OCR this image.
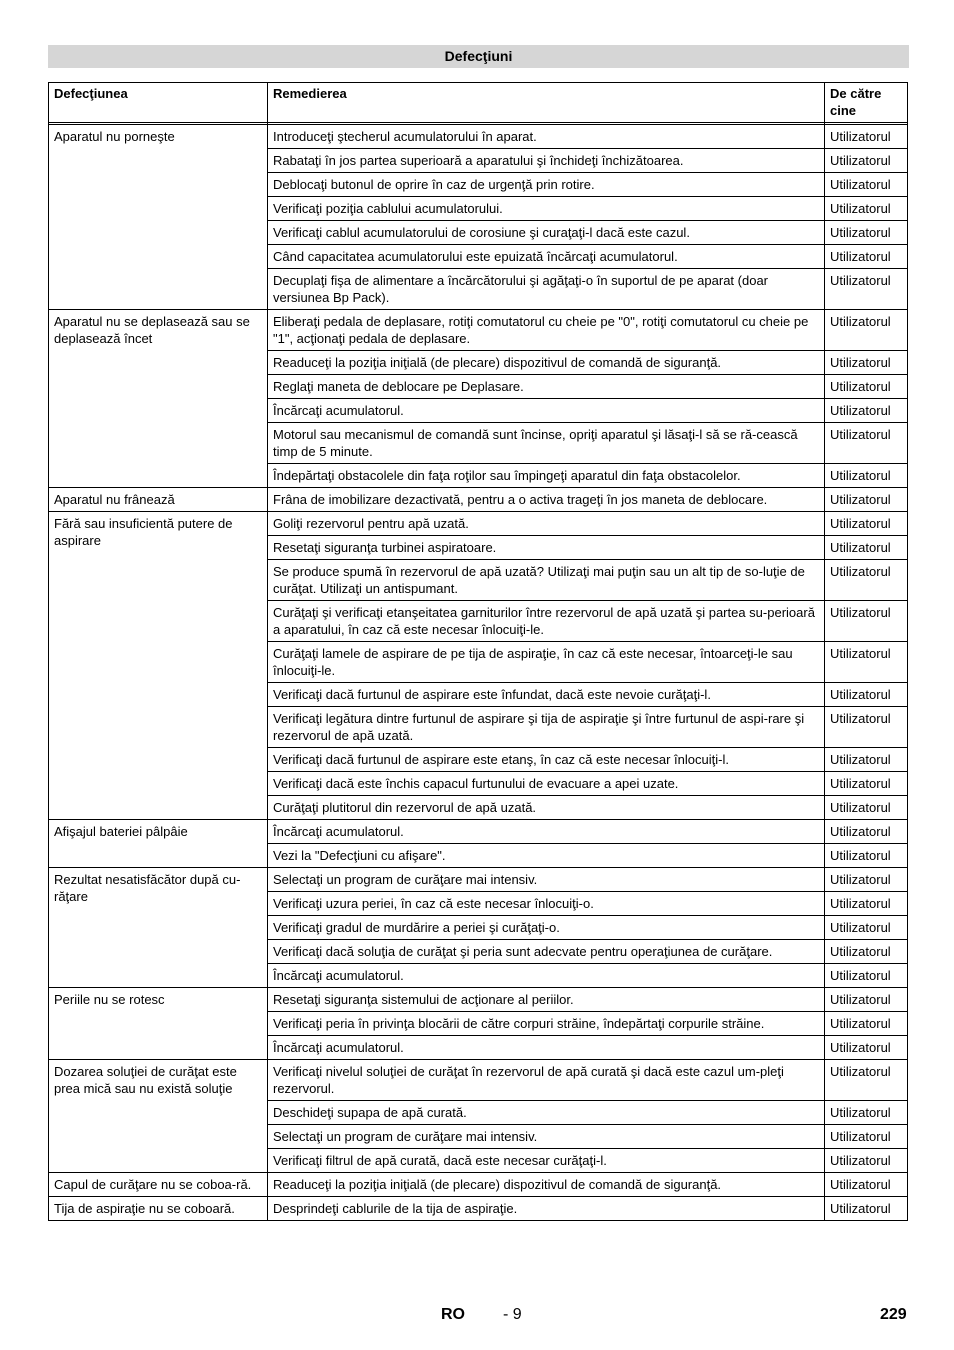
Defecţiuni
Defecţiunea	Remedierea	De către cine

Aparatul nu porneşte	Introduceţi ştecherul acumulatorului în aparat.	Utilizatorul
	Rabataţi în jos partea superioară a aparatului şi închideţi închizătoarea.	Utilizatorul
	Deblocaţi butonul de oprire în caz de urgenţă prin rotire.	Utilizatorul
	Verificaţi poziţia cablului acumulatorului.	Utilizatorul
	Verificaţi cablul acumulatorului de corosiune şi curaţaţi-l dacă este cazul.	Utilizatorul
	Când capacitatea acumulatorului este epuizată încărcaţi acumulatorul.	Utilizatorul
	Decuplaţi fişa de alimentare a încărcătorului şi agăţaţi-o în suportul de pe aparat (doar versiunea Bp Pack).	Utilizatorul
Aparatul nu se deplasează sau se deplasează încet	Eliberaţi pedala de deplasare, rotiţi comutatorul cu cheie pe "0", rotiţi comutatorul cu cheie pe "1", acţionaţi pedala de deplasare.	Utilizatorul
	Readuceţi la poziţia iniţială (de plecare) dispozitivul de comandă de siguranţă.	Utilizatorul
	Reglaţi maneta de deblocare pe Deplasare.	Utilizatorul
	Încărcaţi acumulatorul.	Utilizatorul
	Motorul sau mecanismul de comandă sunt încinse, opriţi aparatul şi lăsaţi-l să se ră-cească timp de 5 minute.	Utilizatorul
	Îndepărtaţi obstacolele din faţa roţilor sau împingeţi aparatul din faţa obstacolelor.	Utilizatorul
Aparatul nu frânează	Frâna de imobilizare dezactivată, pentru a o activa trageţi în jos maneta de deblocare.	Utilizatorul
Fără sau insuficientă putere de aspirare	Goliţi rezervorul pentru apă uzată.	Utilizatorul
	Resetaţi siguranţa turbinei aspiratoare.	Utilizatorul
	Se produce spumă în rezervorul de apă uzată? Utilizaţi mai puţin sau un alt tip de so-luţie de curăţat. Utilizaţi un antispumant.	Utilizatorul
	Curăţaţi şi verificaţi etanşeitatea garniturilor între rezervorul de apă uzată şi partea su-perioară a aparatului, în caz că este necesar înlocuiţi-le.	Utilizatorul
	Curăţaţi lamele de aspirare de pe tija de aspiraţie, în caz că este necesar, întoarceţi-le sau înlocuiţi-le.	Utilizatorul
	Verificaţi dacă furtunul de aspirare este înfundat, dacă este nevoie curăţaţi-l.	Utilizatorul
	Verificaţi legătura dintre furtunul de aspirare şi tija de aspiraţie şi între furtunul de aspi-rare şi rezervorul de apă uzată.	Utilizatorul
	Verificaţi dacă furtunul de aspirare este etanş, în caz că este necesar înlocuiţi-l.	Utilizatorul
	Verificaţi dacă este închis capacul furtunului de evacuare a apei uzate.	Utilizatorul
	Curăţaţi plutitorul din rezervorul de apă uzată.	Utilizatorul
Afişajul bateriei pâlpâie	Încărcaţi acumulatorul.	Utilizatorul
	Vezi la "Defecţiuni cu afişare".	Utilizatorul
Rezultat nesatisfăcător după cu-răţare	Selectaţi un program de curăţare mai intensiv.	Utilizatorul
	Verificaţi uzura periei, în caz că este necesar înlocuiţi-o.	Utilizatorul
	Verificaţi gradul de murdărire a periei şi curăţaţi-o.	Utilizatorul
	Verificaţi dacă soluţia de curăţat şi peria sunt adecvate pentru operaţiunea de curăţare.	Utilizatorul
	Încărcaţi acumulatorul.	Utilizatorul
Periile nu se rotesc	Resetaţi siguranţa sistemului de acţionare al periilor.	Utilizatorul
	Verificaţi peria în privinţa blocării de către corpuri străine, îndepărtaţi corpurile străine.	Utilizatorul
	Încărcaţi acumulatorul.	Utilizatorul
Dozarea soluţiei de curăţat este prea mică sau nu există soluţie	Verificaţi nivelul soluţiei de curăţat în rezervorul de apă curată şi dacă este cazul um-pleţi rezervorul.	Utilizatorul
	Deschideţi supapa de apă curată.	Utilizatorul
	Selectaţi un program de curăţare mai intensiv.	Utilizatorul
	Verificaţi filtrul de apă curată, dacă este necesar curăţaţi-l.	Utilizatorul
Capul de curăţare nu se coboa-ră.	Readuceţi la poziţia iniţială (de plecare) dispozitivul de comandă de siguranţă.	Utilizatorul
Tija de aspiraţie nu se coboară.	Desprindeţi cablurile de la tija de aspiraţie.	Utilizatorul
RO	- 9	229
